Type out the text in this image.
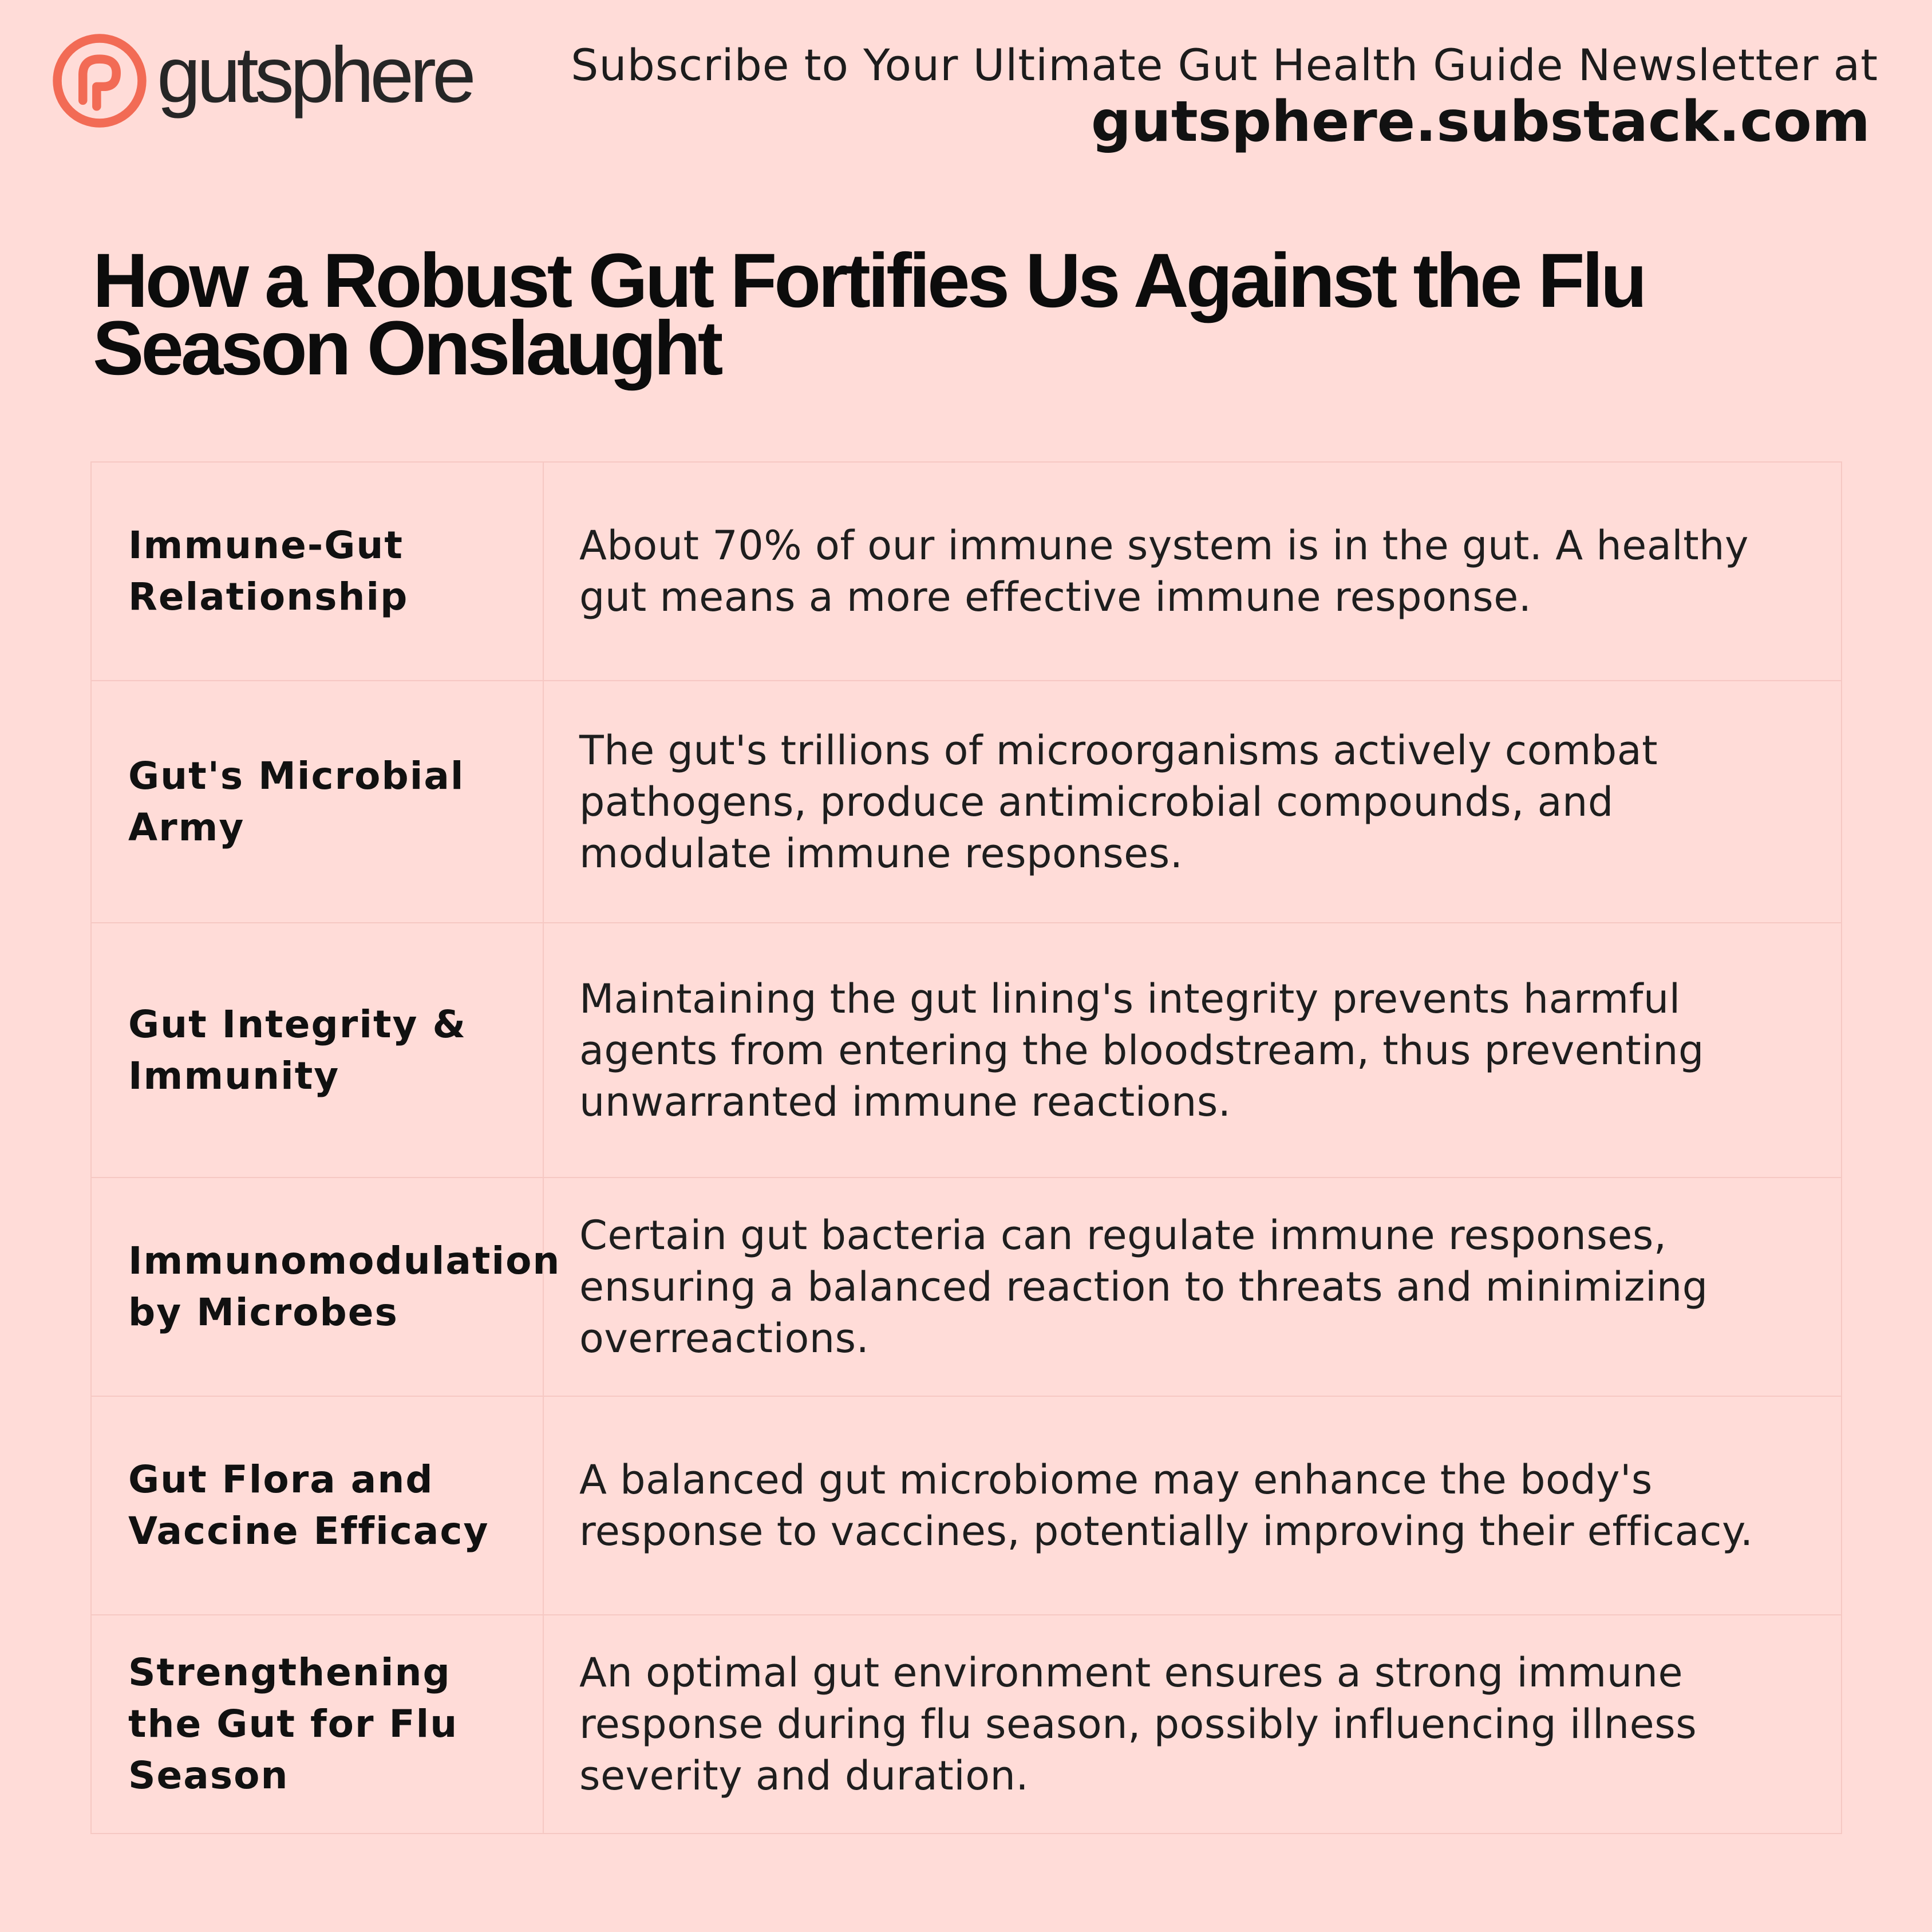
gutsphere Subscribe to Your Ultimate Gut Health Guide Newsletter at
gutsphere.substack.com
How a Robust Gut Fortifies Us Against the Flu Season Onslaught
Immune-Gut Relationship	About 70% of our immune system is in the gut. A healthy gut means a more effective immune response.
Gut's Microbial Army	The gut's trillions of microorganisms actively combat pathogens, produce antimicrobial compounds, and modulate immune responses.
Gut Integrity & Immunity	Maintaining the gut lining's integrity prevents harmful agents from entering the bloodstream, thus preventing unwarranted immune reactions.
Immunomodulation by Microbes	Certain gut bacteria can regulate immune responses, ensuring a balanced reaction to threats and minimizing overreactions.
Gut Flora and Vaccine Efficacy	A balanced gut microbiome may enhance the body's response to vaccines, potentially improving their efficacy.
Strengthening the Gut for Flu Season	An optimal gut environment ensures a strong immune response during flu season, possibly influencing illness severity and duration.
